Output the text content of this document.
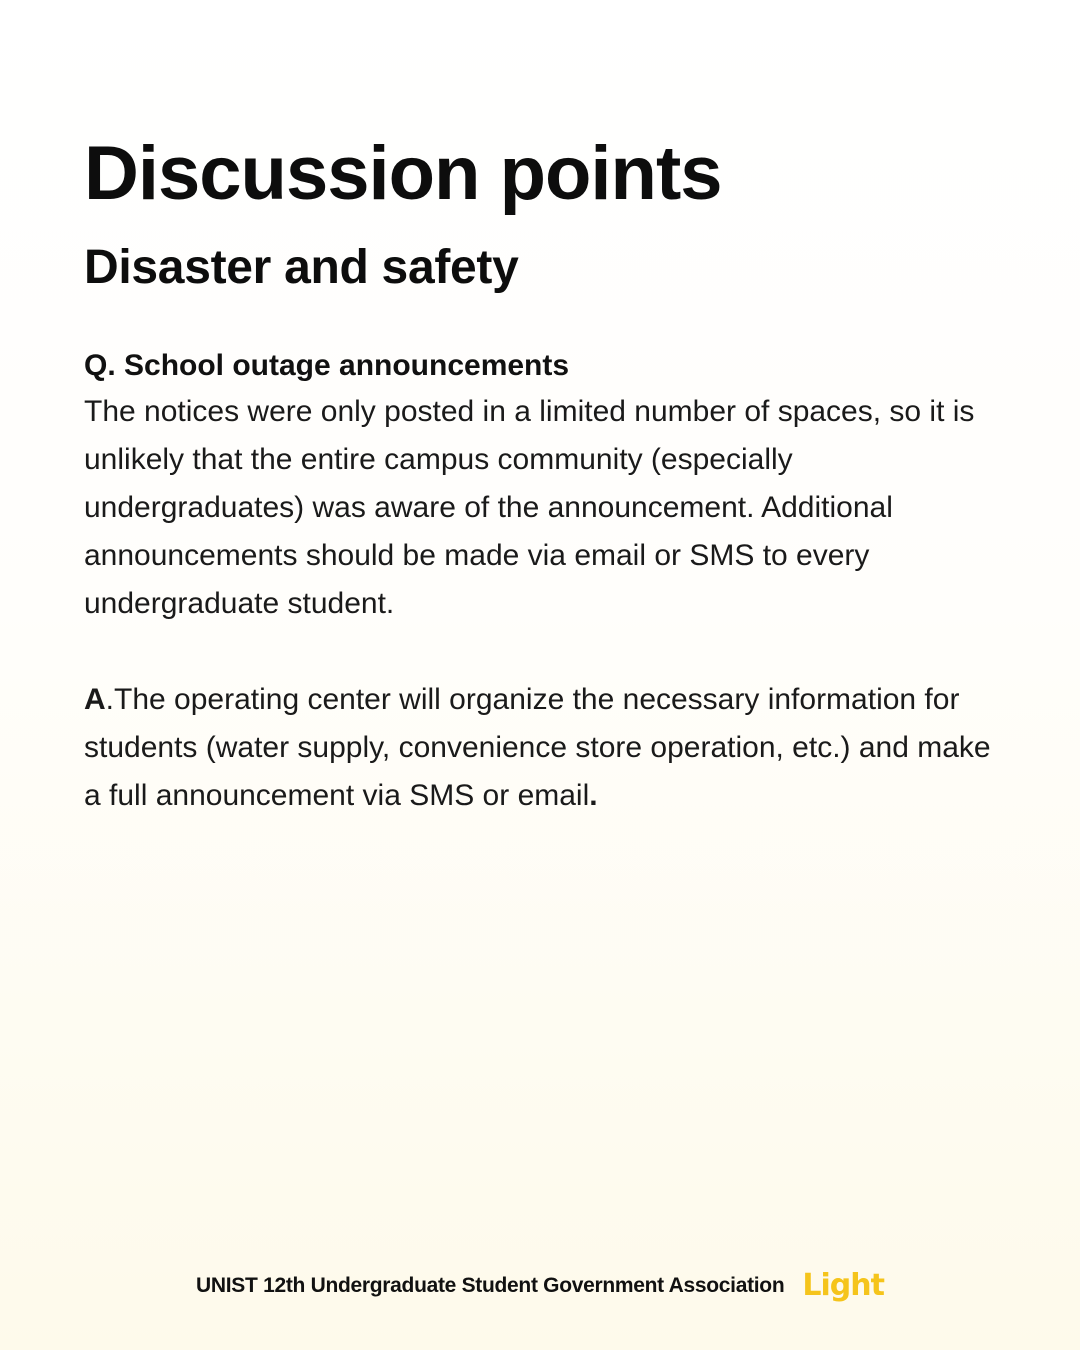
Discussion points
Disaster and safety

Q. School outage announcements

The notices were only posted in a limited number of spaces, so it is unlikely that the entire campus community (especially undergraduates) was aware of the announcement. Additional announcements should be made via email or SMS to every undergraduate student.

A.The operating center will organize the necessary information for students (water supply, convenience store operation, etc.) and make a full announcement via SMS or email.

UNIST 12th Undergraduate Student Government Association Light
